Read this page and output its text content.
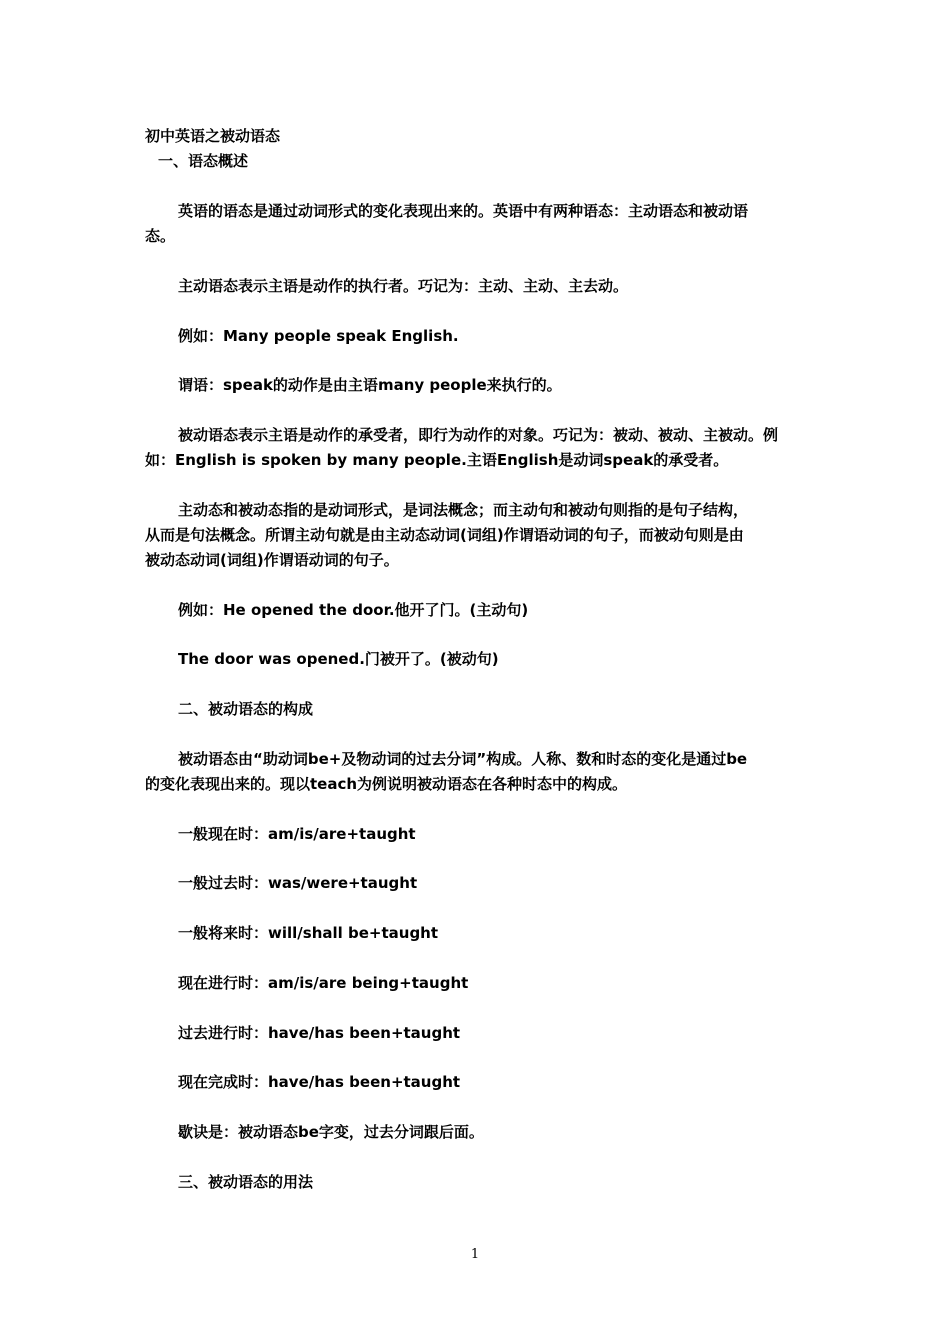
初中英语之被动语态
一、语态概述
英语的语态是通过动词形式的变化表现出来的。英语中有两种语态：主动语态和被动语
态。
主动语态表示主语是动作的执行者。巧记为：主动、主动、主去动。
例如：Many people speak English.
谓语：speak的动作是由主语many people来执行的。
被动语态表示主语是动作的承受者，即行为动作的对象。巧记为：被动、被动、主被动。例
如：English is spoken by many people.主语English是动词speak的承受者。
主动态和被动态指的是动词形式，是词法概念；而主动句和被动句则指的是句子结构，
从而是句法概念。所谓主动句就是由主动态动词(词组)作谓语动词的句子，而被动句则是由
被动态动词(词组)作谓语动词的句子。
例如：He opened the door.他开了门。(主动句)
The door was opened.门被开了。(被动句)
二、被动语态的构成
被动语态由“助动词be+及物动词的过去分词”构成。人称、数和时态的变化是通过be
的变化表现出来的。现以teach为例说明被动语态在各种时态中的构成。
一般现在时：am/is/are+taught
一般过去时：was/were+taught
一般将来时：will/shall be+taught
现在进行时：am/is/are being+taught
过去进行时：have/has been+taught
现在完成时：have/has been+taught
歇诀是：被动语态be字变，过去分词跟后面。
三、被动语态的用法
1
